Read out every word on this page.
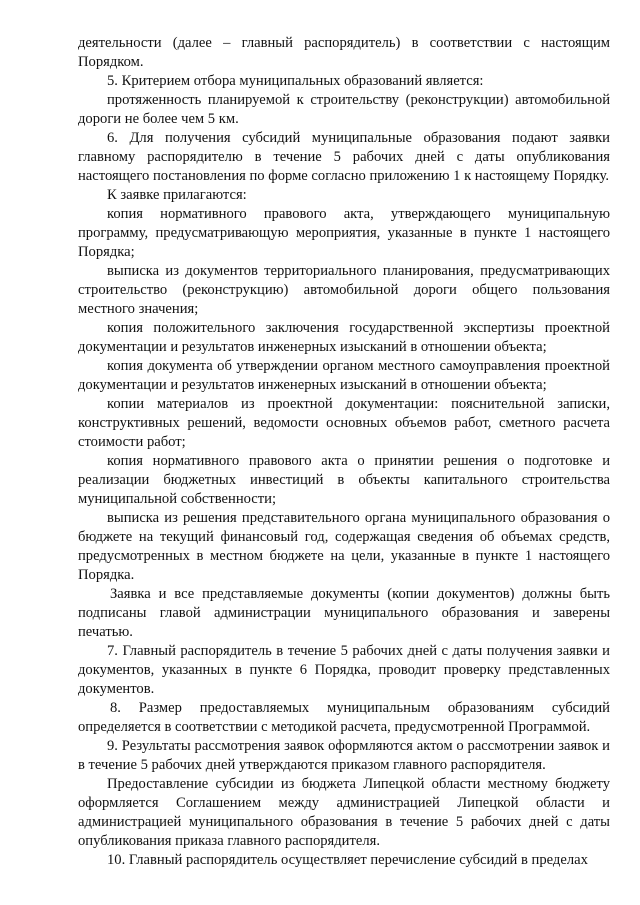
деятельности (далее – главный распорядитель) в соответствии с настоящим Порядком.

5. Критерием отбора муниципальных образований является:

протяженность планируемой к строительству (реконструкции) автомобильной дороги не более чем 5 км.

6. Для получения субсидий муниципальные образования подают заявки главному распорядителю в течение 5 рабочих дней с даты опубликования настоящего постановления по форме согласно приложению 1 к настоящему Порядку.

К заявке прилагаются:

копия нормативного правового акта, утверждающего муниципальную программу, предусматривающую мероприятия, указанные в пункте 1 настоящего Порядка;

выписка из документов территориального планирования, предусматривающих строительство (реконструкцию) автомобильной дороги общего пользования местного значения;

копия положительного заключения государственной экспертизы проектной документации и результатов инженерных изысканий в отношении объекта;

копия документа об утверждении органом местного самоуправления проектной документации и результатов инженерных изысканий в отношении объекта;

копии материалов из проектной документации: пояснительной записки, конструктивных решений, ведомости основных объемов работ, сметного расчета стоимости работ;

копия нормативного правового акта о принятии решения о подготовке и реализации бюджетных инвестиций в объекты капитального строительства муниципальной собственности;

выписка из решения представительного органа муниципального образования о бюджете на текущий финансовый год, содержащая сведения об объемах средств, предусмотренных в местном бюджете на цели, указанные в пункте 1 настоящего Порядка.

Заявка и все представляемые документы (копии документов) должны быть подписаны главой администрации муниципального образования и заверены печатью.

7. Главный распорядитель в течение 5 рабочих дней с даты получения заявки и документов, указанных в пункте 6 Порядка, проводит проверку представленных документов.

8. Размер предоставляемых муниципальным образованиям субсидий определяется в соответствии с методикой расчета, предусмотренной Программой.

9. Результаты рассмотрения заявок оформляются актом о рассмотрении заявок и в течение 5 рабочих дней утверждаются приказом главного распорядителя.

Предоставление субсидии из бюджета Липецкой области местному бюджету оформляется Соглашением между администрацией Липецкой области и администрацией муниципального образования в течение 5 рабочих дней с даты опубликования приказа главного распорядителя.

10. Главный распорядитель осуществляет перечисление субсидий в пределах
